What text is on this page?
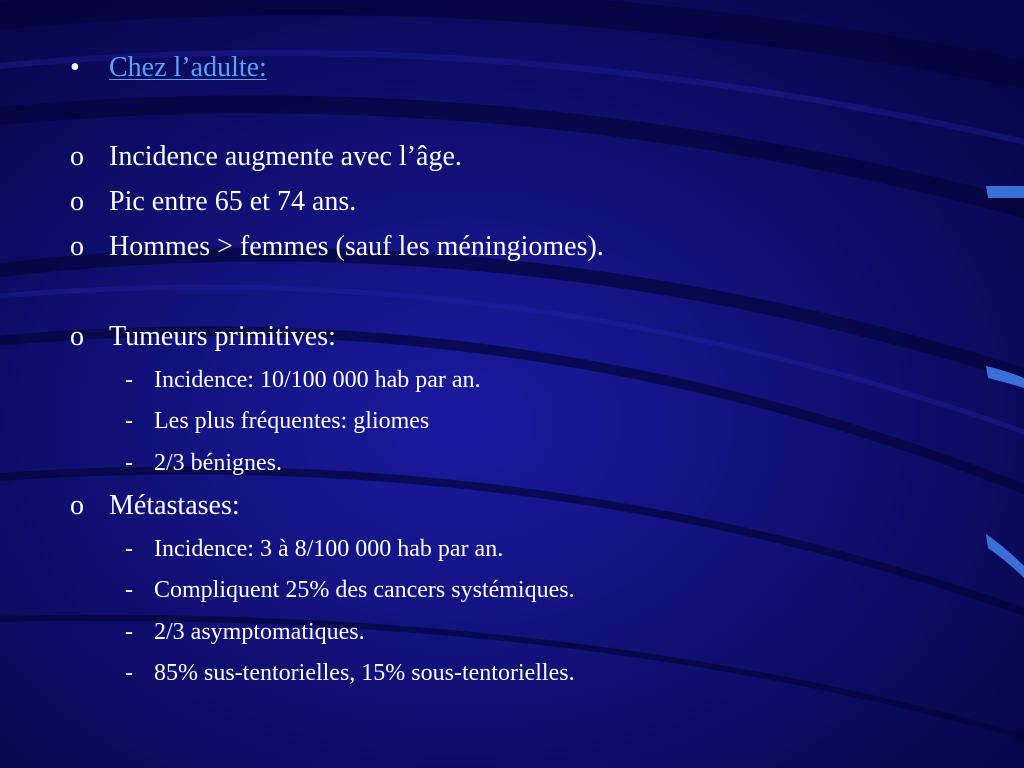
• Chez l’adulte:
o Incidence augmente avec l’âge.
o Pic entre 65 et 74 ans.
o Hommes > femmes (sauf les méningiomes).
o Tumeurs primitives:
- Incidence: 10/100 000 hab par an.
- Les plus fréquentes: gliomes
- 2/3 bénignes.
o Métastases:
- Incidence: 3 à 8/100 000 hab par an.
- Compliquent 25% des cancers systémiques.
- 2/3 asymptomatiques.
- 85% sus-tentorielles, 15% sous-tentorielles.
